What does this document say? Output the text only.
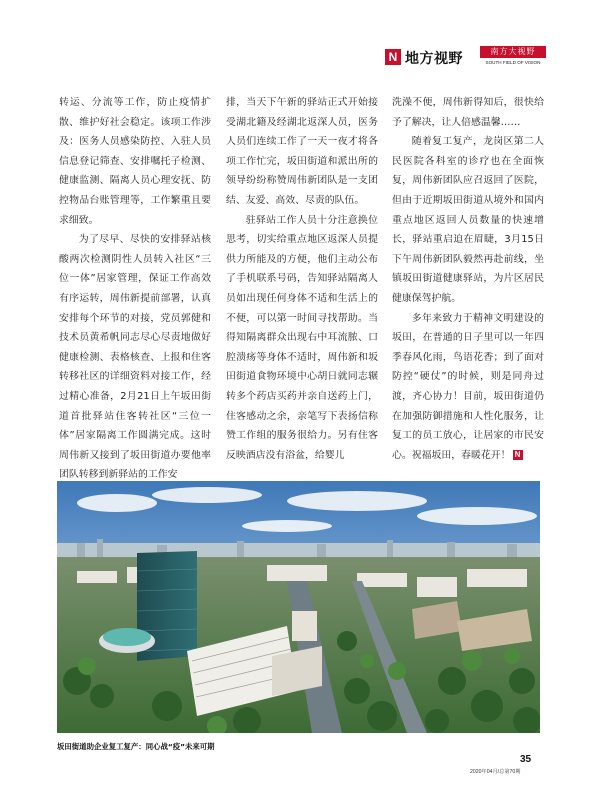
N 地方视野	南方大视野
SOUTH FIELD OF VISION

转运、分流等工作，防止疫情扩散、维护好社会稳定。该项工作涉及：医务人员感染防控、入驻人员信息登记筛查、安排嘱托子检测、健康监测、隔离人员心理安抚、防控物品台账管理等，工作繁重且要求细致。

为了尽早、尽快的安排驿站核酸两次检测阴性人员转入社区“三位一体”居家管理，保证工作高效有序运转，周伟新提前部署，认真安排每个环节的对接，党员郭健和技术员黄希帆同志尽心尽责地做好健康检测、表格核查、上报和住客转移社区的详细资料对接工作，经过精心准备，2月21日上午坂田街道首批驿站住客转社区“三位一体”居家隔离工作圆满完成。这时周伟新又接到了坂田街道办要他率团队转移到新驿站的工作安

排，当天下午新的驿站正式开始接受湖北籍及经湖北返深人员，医务人员们连续工作了一天一夜才将各项工作忙完，坂田街道和派出所的领导纷纷称赞周伟新团队是一支团结、友爱、高效、尽责的队伍。

驻驿站工作人员十分注意换位思考，切实给重点地区返深人员提供力所能及的方便，他们主动公布了手机联系号码，告知驿站隔离人员如出现任何身体不适和生活上的不便，可以第一时间寻找帮助。当得知隔离群众出现右中耳流脓、口腔溃疡等身体不适时，周伟新和坂田街道食物环境中心胡日就同志辗转多个药店买药并亲自送药上门，住客感动之余，亲笔写下表扬信称赞工作组的服务很给力。另有住客反映酒店没有浴盆，给婴儿

洗澡不便，周伟新得知后，很快给予了解决，让人倍感温馨……

随着复工复产，龙岗区第二人民医院各科室的诊疗也在全面恢复，周伟新团队应召返回了医院，但由于近期坂田街道从境外和国内重点地区返回人员数量的快速增长，驿站重启迫在眉睫，3月15日下午周伟新团队毅然再赴前线，坐镇坂田街道健康驿站，为片区居民健康保驾护航。

多年来致力于精神文明建设的坂田，在普通的日子里可以一年四季春风化雨，鸟语花香；到了面对防控“硬仗”的时候，则是同舟过渡，齐心协力！目前，坂田街道仍在加强防御措施和人性化服务，让复工的员工放心，让居家的市民安心。祝福坂田，春暖花开！ N

坂田街道助企业复工复产：同心战“疫”未来可期
35
2020年04月/总第70期
